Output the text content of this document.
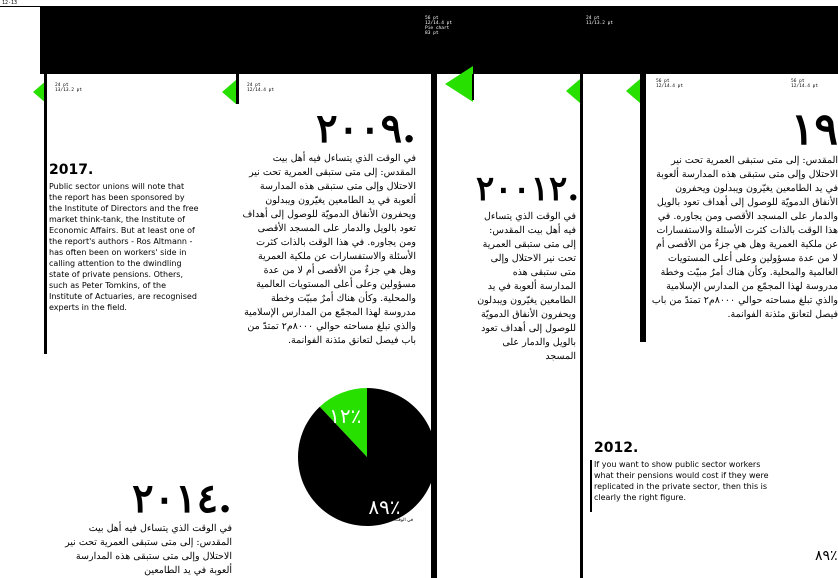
12-13
24 pt
13/13.2 pt
24 pt
12/14.4 pt
56 pt
12/14.4 pt
Pie chart
83 pt
24 pt
11/13.2 pt
56 pt
12/14.4 pt
56 pt
12/14.4 pt
2017.
Public sector unions will note that the report has been sponsored by the Institute of Directors and the free market think-tank, the Institute of Economic Affairs. But at least one of the report's authors - Ros Altmann - has often been on workers' side in calling attention to the dwindling state of private pensions. Others, such as Peter Tomkins, of the Institute of Actuaries, are recognised experts in the field.
٢٠٠٩.
في الوقت الذي يتساءل فيه أهل بيت المقدس: إلى متى ستبقى العمرية تحت نير الاحتلال وإلى متى ستبقى هذه المدارسة ألعوبة في يد الطامعين يغيّرون ويبدلون ويحفرون الأنفاق الدمويّة للوصول إلى أهداف تعود بالويل والدمار على المسجد الأقصى ومن يجاوره. في هذا الوقت بالذات كثرت الأسئلة والاستفسارات عن ملكية العمرية وهل هي جزءٌ من الأقصى أم لا من عدة مسؤولين وعلى أعلى المستويات العالمية والمحلية. وكأن هناك أمرٌ مبيّت وخطة مدروسة لهذا المجمّع من المدارس الإسلامية والذي تبلغ مساحته حوالي ٨٠٠٠م٢ تمتدّ من باب فيصل لتعانق مئذنة الفوانمة.
١٢٪
٨٩٪
في الوقت الذي يتساءل،
٢٠٠١٢.
في الوقت الذي يتساءل فيه أهل بيت المقدس: إلى متى ستبقى العمرية تحت نير الاحتلال وإلى متى ستبقى هذه المدارسة ألعوبة في يد الطامعين يغيّرون ويبدلون ويحفرون الأنفاق الدمويّة للوصول إلى أهداف تعود بالويل والدمار على المسجد
2012.
If you want to show public sector workers what their pensions would cost if they were replicated in the private sector, then this is clearly the right figure.
٢٠١٤.
في الوقت الذي يتساءل فيه أهل بيت المقدس: إلى متى ستبقى العمرية تحت نير الاحتلال وإلى متى ستبقى هذه المدارسة ألعوبة في يد الطامعين
١٩
المقدس: إلى متى ستبقى العمرية تحت نير الاحتلال وإلى متى ستبقى هذه المدارسة ألعوبة في يد الطامعين يغيّرون ويبدلون ويحفرون الأنفاق الدمويّة للوصول إلى أهداف تعود بالويل والدمار على المسجد الأقصى ومن يجاوره. في هذا الوقت بالذات كثرت الأسئلة والاستفسارات عن ملكية العمرية وهل هي جزءٌ من الأقصى أم لا من عدة مسؤولين وعلى أعلى المستويات العالمية والمحلية. وكأن هناك أمرٌ مبيّت وخطة مدروسة لهذا المجمّع من المدارس الإسلامية والذي تبلغ مساحته حوالي ٨٠٠٠م٢ تمتدّ من باب فيصل لتعانق مئذنة الفوانمة.
٨٩٪
